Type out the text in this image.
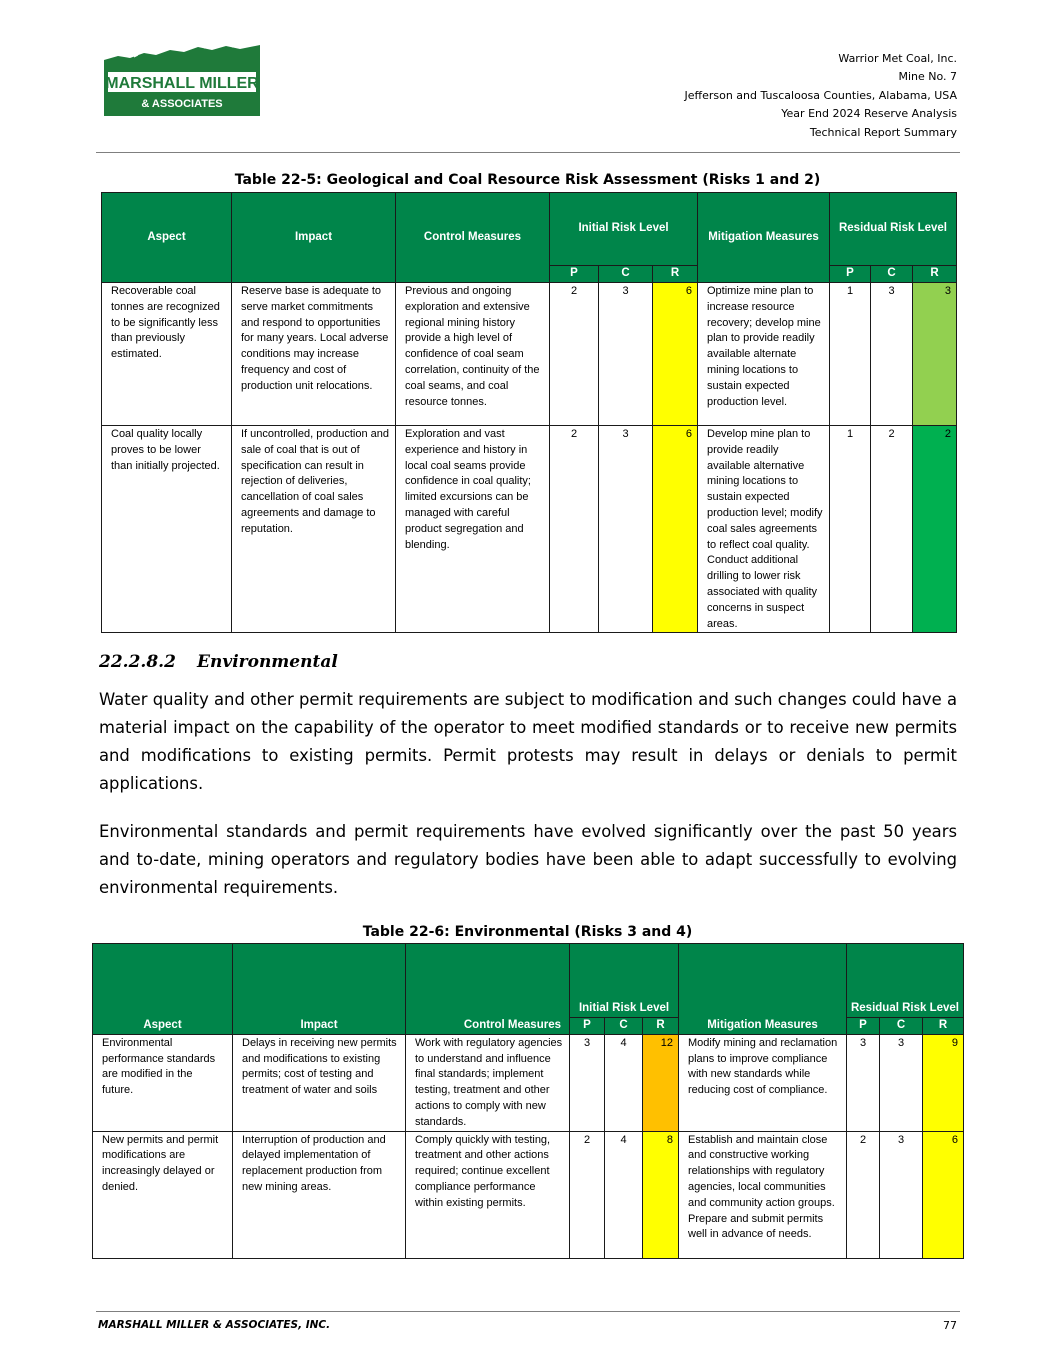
MARSHALL MILLER
& ASSOCIATES
Warrior Met Coal, Inc.
Mine No. 7
Jefferson and Tuscaloosa Counties, Alabama, USA
Year End 2024 Reserve Analysis
Technical Report Summary
Table 22-5: Geological and Coal Resource Risk Assessment (Risks 1 and 2)
Aspect	Impact	Control Measures	Initial Risk Level			Mitigation Measures	Residual Risk Level		
			P	C	R		P	C	R
Recoverable coal tonnes are recognized to be significantly less than previously estimated.	Reserve base is adequate to serve market commitments and respond to opportunities for many years. Local adverse conditions may increase frequency and cost of production unit relocations.	Previous and ongoing exploration and extensive regional mining history provide a high level of confidence of coal seam correlation, continuity of the coal seams, and coal resource tonnes.	2	3	6	Optimize mine plan to increase resource recovery; develop mine plan to provide readily available alternate mining locations to sustain expected production level.	1	3	3
Coal quality locally proves to be lower than initially projected.	If uncontrolled, production and sale of coal that is out of specification can result in rejection of deliveries, cancellation of coal sales agreements and damage to reputation.	Exploration and vast experience and history in local coal seams provide confidence in coal quality; limited excursions can be managed with careful product segregation and blending.	2	3	6	Develop mine plan to provide readily available alternative mining locations to sustain expected production level; modify coal sales agreements to reflect coal quality. Conduct additional drilling to lower risk associated with quality concerns in suspect areas.	1	2	2
22.2.8.2 Environmental

Water quality and other permit requirements are subject to modification and such changes could have a material impact on the capability of the operator to meet modified standards or to receive new permits and modifications to existing permits. Permit protests may result in delays or denials to permit applications.

Environmental standards and permit requirements have evolved significantly over the past 50 years and to-date, mining operators and regulatory bodies have been able to adapt successfully to evolving environmental requirements.

Table 22-6: Environmental (Risks 3 and 4)
Aspect	Impact	Control Measures	Initial Risk Level			Mitigation Measures	Residual Risk Level		
			P	C	R		P	C	R
Environmental performance standards are modified in the future.	Delays in receiving new permits and modifications to existing permits; cost of testing and treatment of water and soils	Work with regulatory agencies to understand and influence final standards; implement testing, treatment and other actions to comply with new standards.	3	4	12	Modify mining and reclamation plans to improve compliance with new standards while reducing cost of compliance.	3	3	9
New permits and permit modifications are increasingly delayed or denied.	Interruption of production and delayed implementation of replacement production from new mining areas.	Comply quickly with testing, treatment and other actions required; continue excellent compliance performance within existing permits.	2	4	8	Establish and maintain close and constructive working relationships with regulatory agencies, local communities and community action groups. Prepare and submit permits well in advance of needs.	2	3	6
MARSHALL MILLER & ASSOCIATES, INC.	77
